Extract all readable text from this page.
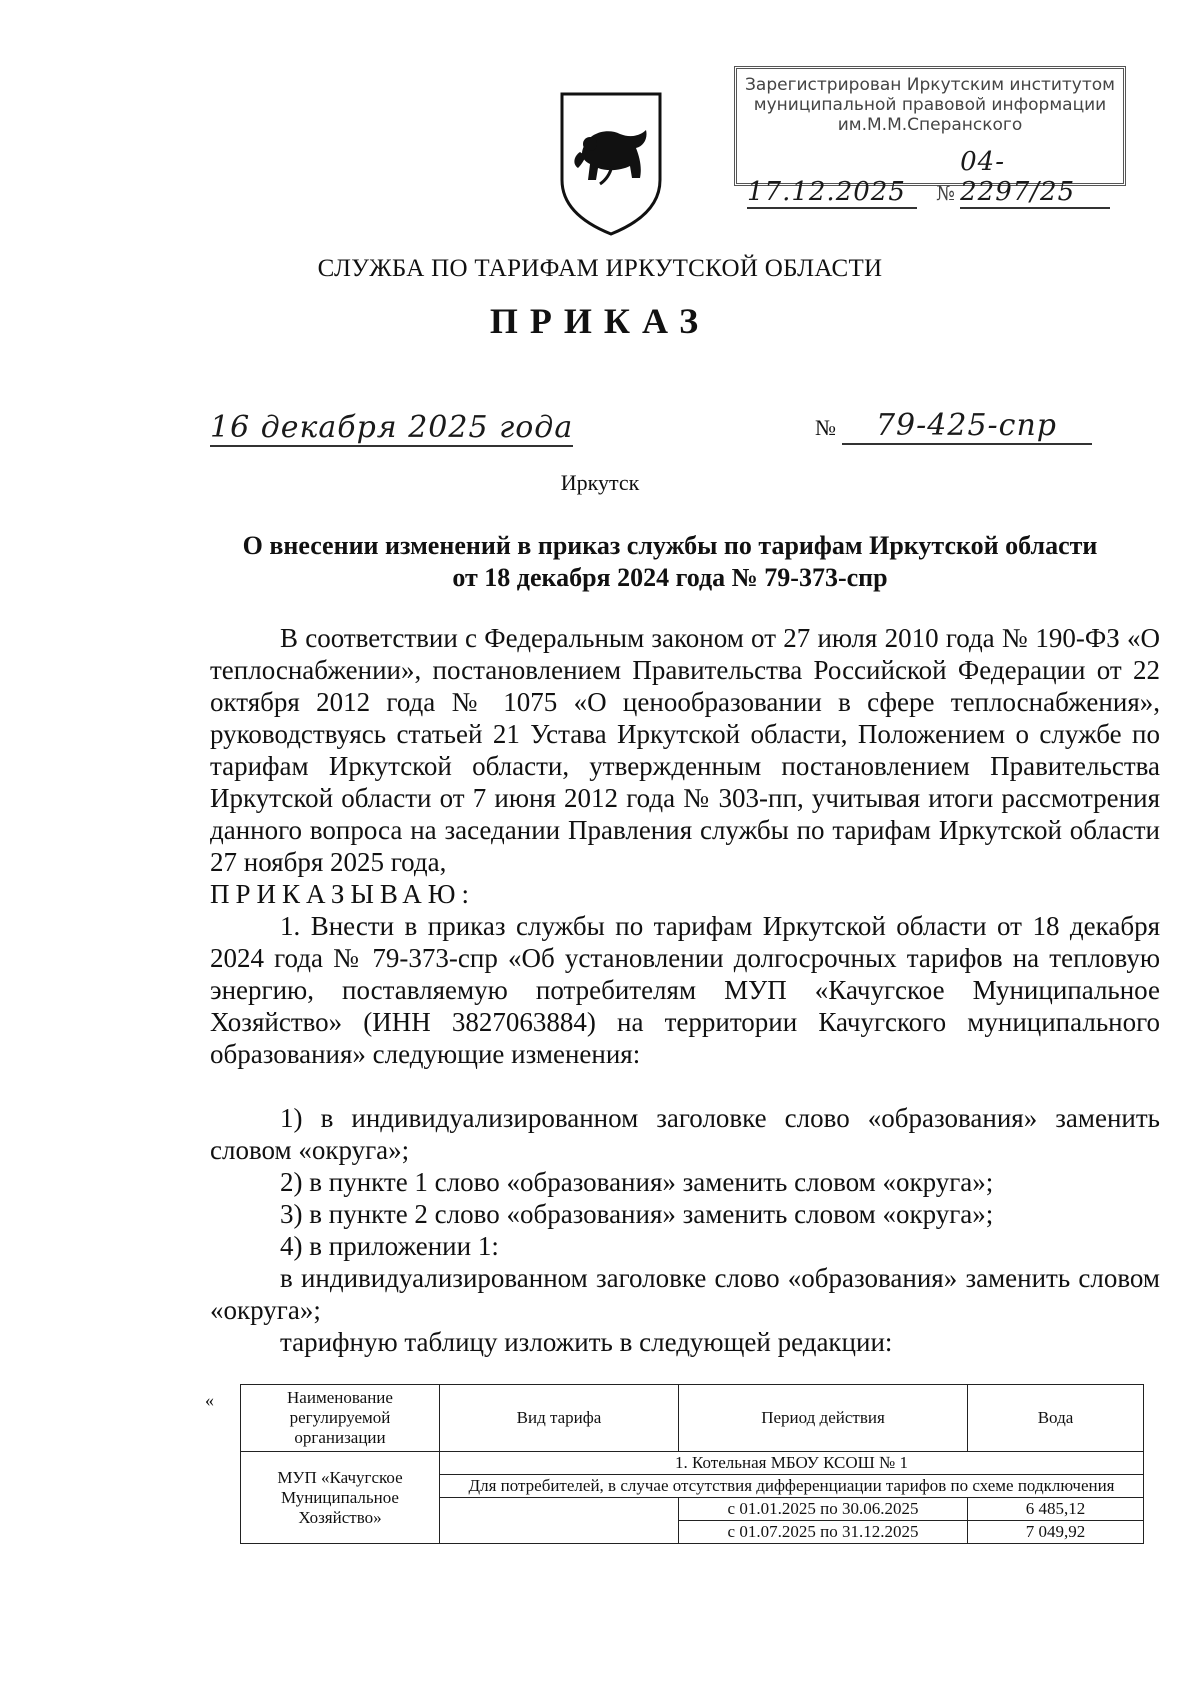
Зарегистрирован Иркутским институтом
муниципальной правовой информации
им.М.М.Сперанского
17.12.2025 № 04-2297/25
СЛУЖБА ПО ТАРИФАМ ИРКУТСКОЙ ОБЛАСТИ
ПРИКАЗ
16 декабря 2025 года	№ 79-425-спр
Иркутск
О внесении изменений в приказ службы по тарифам Иркутской области
от 18 декабря 2024 года № 79-373-спр
В соответствии с Федеральным законом от 27 июля 2010 года № 190-ФЗ «О теплоснабжении», постановлением Правительства Российской Федерации от 22 октября 2012 года № 1075 «О ценообразовании в сфере теплоснабжения», руководствуясь статьей 21 Устава Иркутской области, Положением о службе по тарифам Иркутской области, утвержденным постановлением Правительства Иркутской области от 7 июня 2012 года № 303-пп, учитывая итоги рассмотрения данного вопроса на заседании Правления службы по тарифам Иркутской области 27 ноября 2025 года,
ПРИКАЗЫВАЮ:
1. Внести в приказ службы по тарифам Иркутской области от 18 декабря 2024 года № 79-373-спр «Об установлении долгосрочных тарифов на тепловую энергию, поставляемую потребителям МУП «Качугское Муниципальное Хозяйство» (ИНН 3827063884) на территории Качугского муниципального образования» следующие изменения:
1) в индивидуализированном заголовке слово «образования» заменить словом «округа»;
2) в пункте 1 слово «образования» заменить словом «округа»;
3) в пункте 2 слово «образования» заменить словом «округа»;
4) в приложении 1:
в индивидуализированном заголовке слово «образования» заменить словом «округа»;
тарифную таблицу изложить в следующей редакции:
«	Наименование регулируемой организации	Вид тарифа	Период действия	Вода
МУП «Качугское Муниципальное Хозяйство»	1. Котельная МБОУ КСОШ № 1		
	Для потребителей, в случае отсутствия дифференциации тарифов по схеме подключения		
		с 01.01.2025 по 30.06.2025	6 485,12
		с 01.07.2025 по 31.12.2025	7 049,92
